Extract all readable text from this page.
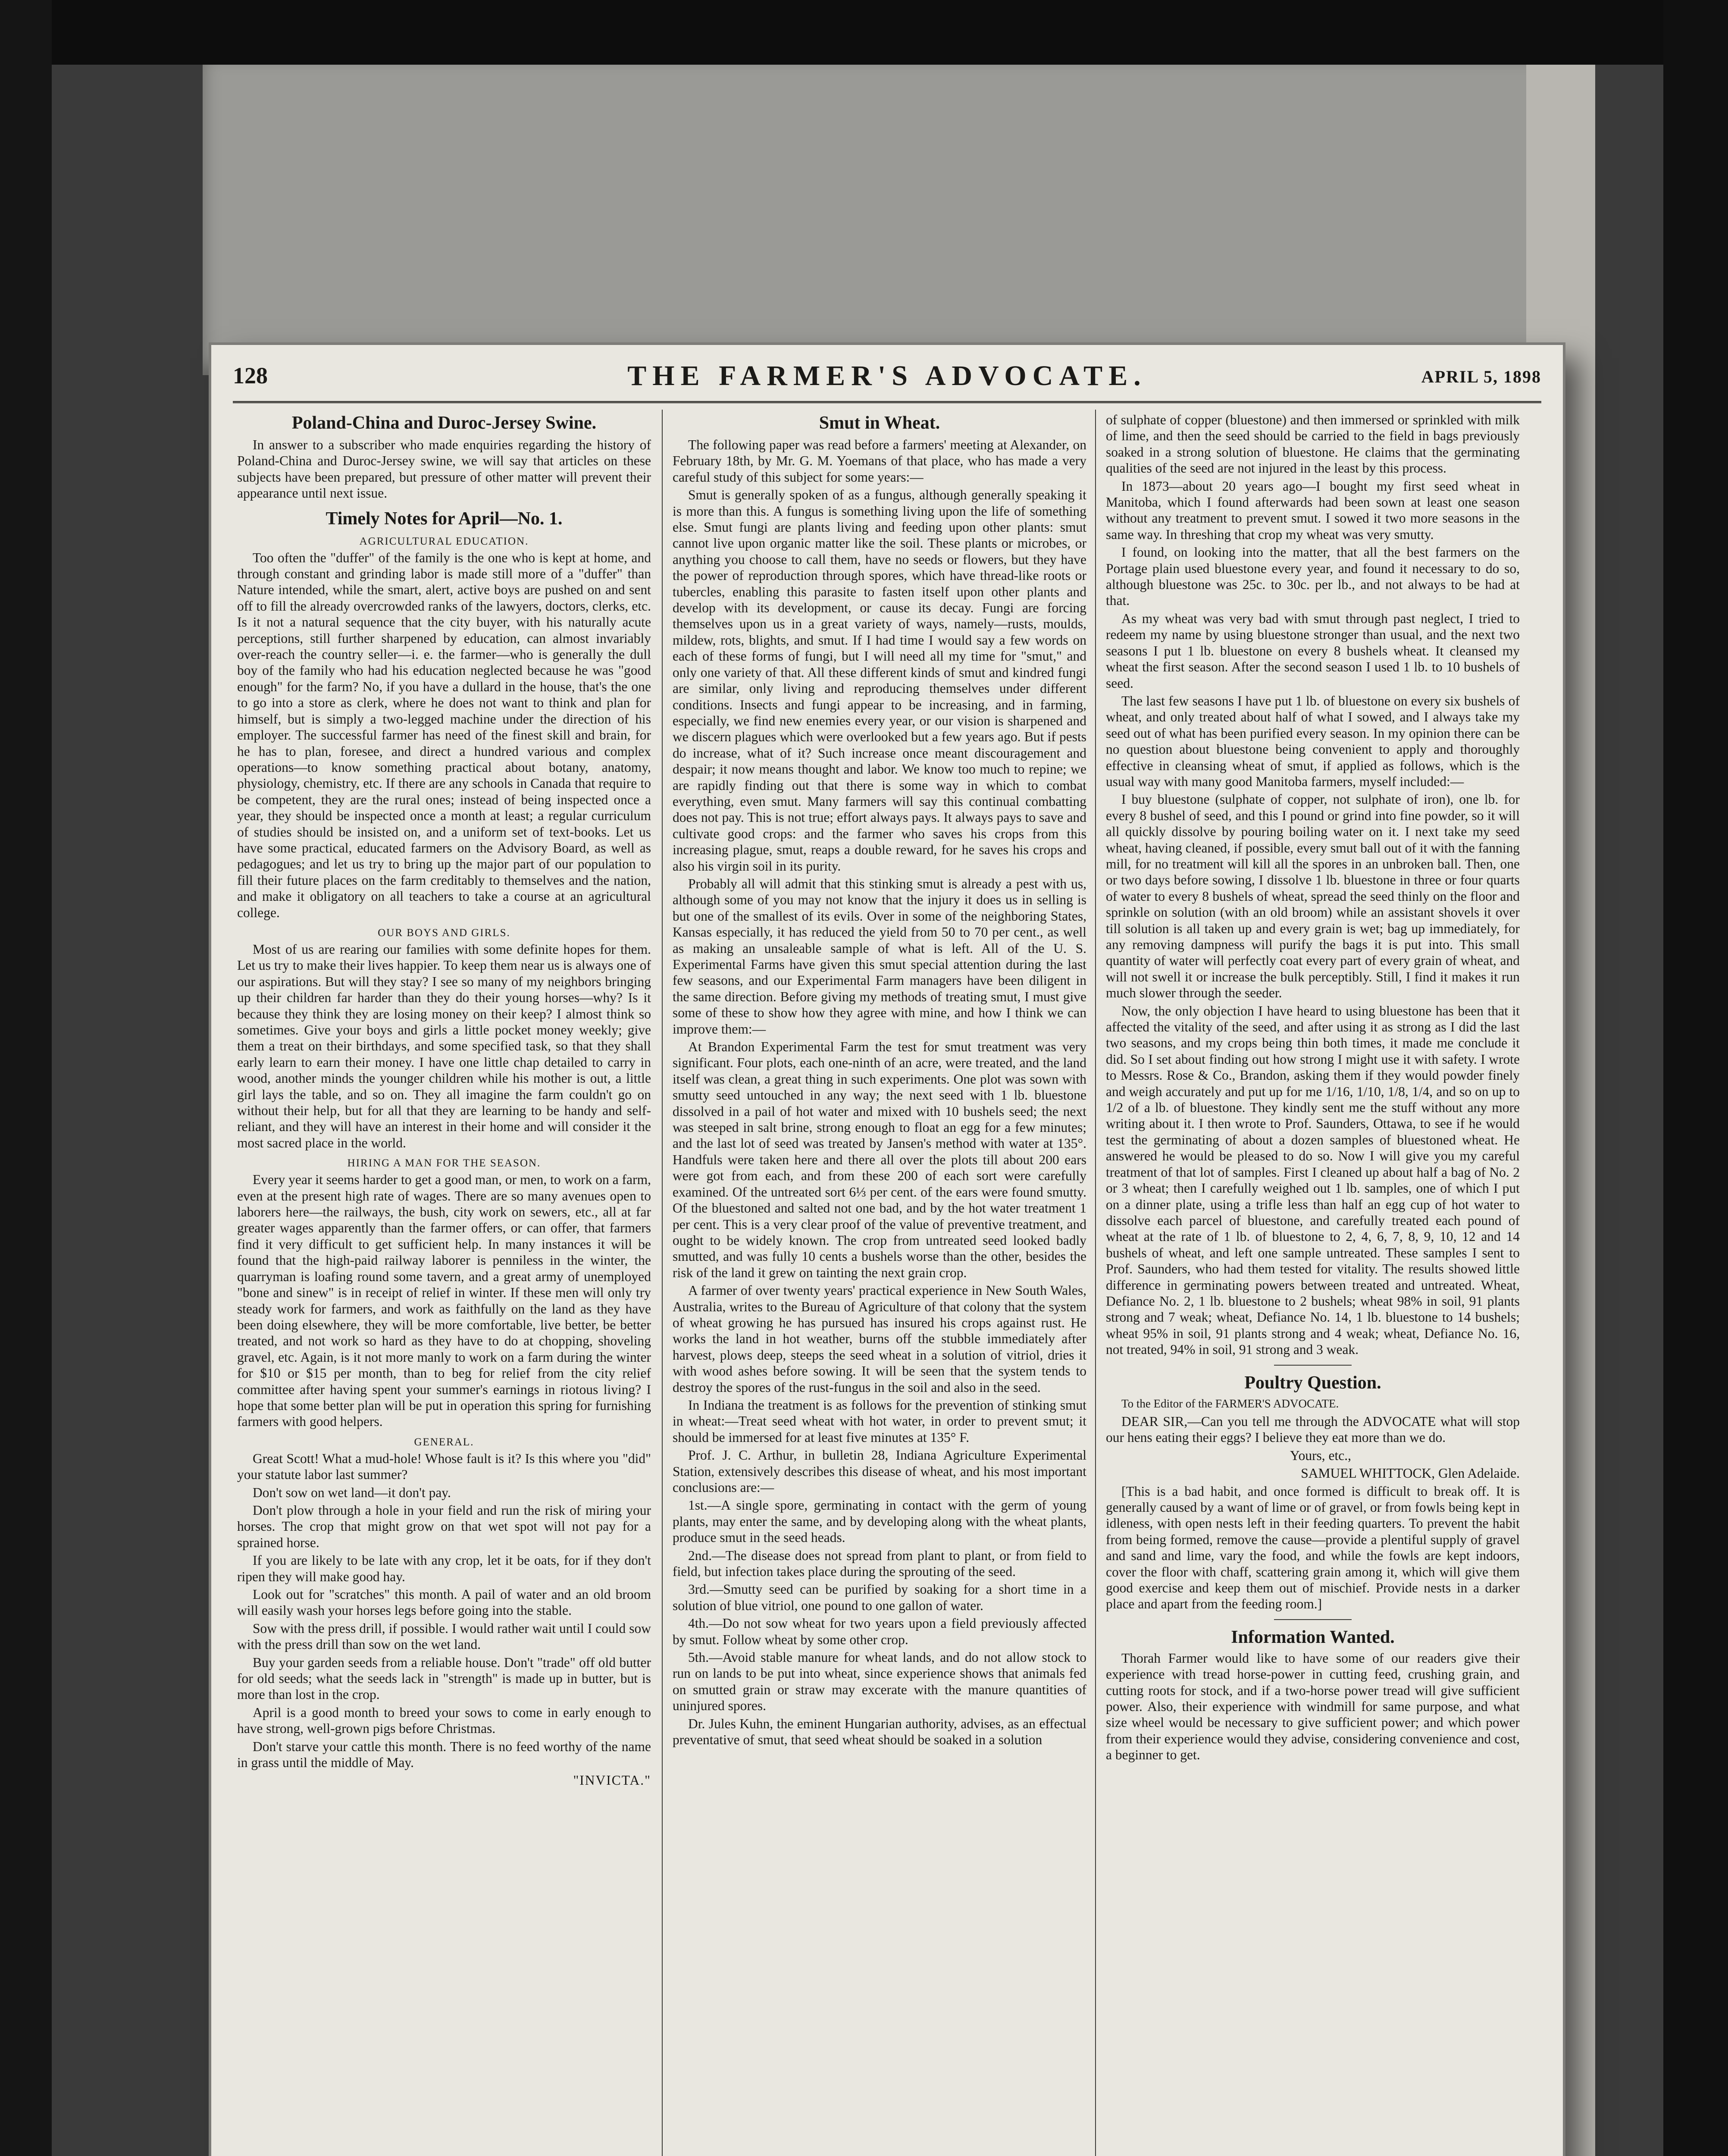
128	THE FARMER'S ADVOCATE.	APRIL 5, 1898
Poland-China and Duroc-Jersey Swine.

In answer to a subscriber who made enquiries regarding the history of Poland-China and Duroc-Jersey swine, we will say that articles on these subjects have been prepared, but pressure of other matter will prevent their appearance until next issue.

Timely Notes for April—No. 1.
AGRICULTURAL EDUCATION.

Too often the "duffer" of the family is the one who is kept at home, and through constant and grinding labor is made still more of a "duffer" than Nature intended, while the smart, alert, active boys are pushed on and sent off to fill the already overcrowded ranks of the lawyers, doctors, clerks, etc. Is it not a natural sequence that the city buyer, with his naturally acute perceptions, still further sharpened by education, can almost invariably over-reach the country seller—i. e. the farmer—who is generally the dull boy of the family who had his education neglected because he was "good enough" for the farm? No, if you have a dullard in the house, that's the one to go into a store as clerk, where he does not want to think and plan for himself, but is simply a two-legged machine under the direction of his employer. The successful farmer has need of the finest skill and brain, for he has to plan, foresee, and direct a hundred various and complex operations—to know something practical about botany, anatomy, physiology, chemistry, etc. If there are any schools in Canada that require to be competent, they are the rural ones; instead of being inspected once a year, they should be inspected once a month at least; a regular curriculum of studies should be insisted on, and a uniform set of text-books. Let us have some practical, educated farmers on the Advisory Board, as well as pedagogues; and let us try to bring up the major part of our population to fill their future places on the farm creditably to themselves and the nation, and make it obligatory on all teachers to take a course at an agricultural college.

OUR BOYS AND GIRLS.

Most of us are rearing our families with some definite hopes for them. Let us try to make their lives happier. To keep them near us is always one of our aspirations. But will they stay? I see so many of my neighbors bringing up their children far harder than they do their young horses—why? Is it because they think they are losing money on their keep? I almost think so sometimes. Give your boys and girls a little pocket money weekly; give them a treat on their birthdays, and some specified task, so that they shall early learn to earn their money. I have one little chap detailed to carry in wood, another minds the younger children while his mother is out, a little girl lays the table, and so on. They all imagine the farm couldn't go on without their help, but for all that they are learning to be handy and self-reliant, and they will have an interest in their home and will consider it the most sacred place in the world.

HIRING A MAN FOR THE SEASON.

Every year it seems harder to get a good man, or men, to work on a farm, even at the present high rate of wages. There are so many avenues open to laborers here—the railways, the bush, city work on sewers, etc., all at far greater wages apparently than the farmer offers, or can offer, that farmers find it very difficult to get sufficient help. In many instances it will be found that the high-paid railway laborer is penniless in the winter, the quarryman is loafing round some tavern, and a great army of unemployed "bone and sinew" is in receipt of relief in winter. If these men will only try steady work for farmers, and work as faithfully on the land as they have been doing elsewhere, they will be more comfortable, live better, be better treated, and not work so hard as they have to do at chopping, shoveling gravel, etc. Again, is it not more manly to work on a farm during the winter for $10 or $15 per month, than to beg for relief from the city relief committee after having spent your summer's earnings in riotous living? I hope that some better plan will be put in operation this spring for furnishing farmers with good helpers.

GENERAL.

Great Scott! What a mud-hole! Whose fault is it? Is this where you "did" your statute labor last summer?

Don't sow on wet land—it don't pay.

Don't plow through a hole in your field and run the risk of miring your horses. The crop that might grow on that wet spot will not pay for a sprained horse.

If you are likely to be late with any crop, let it be oats, for if they don't ripen they will make good hay.

Look out for "scratches" this month. A pail of water and an old broom will easily wash your horses legs before going into the stable.

Sow with the press drill, if possible. I would rather wait until I could sow with the press drill than sow on the wet land.

Buy your garden seeds from a reliable house. Don't "trade" off old butter for old seeds; what the seeds lack in "strength" is made up in butter, but is more than lost in the crop.

April is a good month to breed your sows to come in early enough to have strong, well-grown pigs before Christmas.

Don't starve your cattle this month. There is no feed worthy of the name in grass until the middle of May.

"INVICTA."

Smut in Wheat.

The following paper was read before a farmers' meeting at Alexander, on February 18th, by Mr. G. M. Yoemans of that place, who has made a very careful study of this subject for some years:—

Smut is generally spoken of as a fungus, although generally speaking it is more than this. A fungus is something living upon the life of something else. Smut fungi are plants living and feeding upon other plants: smut cannot live upon organic matter like the soil. These plants or microbes, or anything you choose to call them, have no seeds or flowers, but they have the power of reproduction through spores, which have thread-like roots or tubercles, enabling this parasite to fasten itself upon other plants and develop with its development, or cause its decay. Fungi are forcing themselves upon us in a great variety of ways, namely—rusts, moulds, mildew, rots, blights, and smut. If I had time I would say a few words on each of these forms of fungi, but I will need all my time for "smut," and only one variety of that. All these different kinds of smut and kindred fungi are similar, only living and reproducing themselves under different conditions. Insects and fungi appear to be increasing, and in farming, especially, we find new enemies every year, or our vision is sharpened and we discern plagues which were overlooked but a few years ago. But if pests do increase, what of it? Such increase once meant discouragement and despair; it now means thought and labor. We know too much to repine; we are rapidly finding out that there is some way in which to combat everything, even smut. Many farmers will say this continual combatting does not pay. This is not true; effort always pays. It always pays to save and cultivate good crops: and the farmer who saves his crops from this increasing plague, smut, reaps a double reward, for he saves his crops and also his virgin soil in its purity.

Probably all will admit that this stinking smut is already a pest with us, although some of you may not know that the injury it does us in selling is but one of the smallest of its evils. Over in some of the neighboring States, Kansas especially, it has reduced the yield from 50 to 70 per cent., as well as making an unsaleable sample of what is left. All of the U. S. Experimental Farms have given this smut special attention during the last few seasons, and our Experimental Farm managers have been diligent in the same direction. Before giving my methods of treating smut, I must give some of these to show how they agree with mine, and how I think we can improve them:—

At Brandon Experimental Farm the test for smut treatment was very significant. Four plots, each one-ninth of an acre, were treated, and the land itself was clean, a great thing in such experiments. One plot was sown with smutty seed untouched in any way; the next seed with 1 lb. bluestone dissolved in a pail of hot water and mixed with 10 bushels seed; the next was steeped in salt brine, strong enough to float an egg for a few minutes; and the last lot of seed was treated by Jansen's method with water at 135°. Handfuls were taken here and there all over the plots till about 200 ears were got from each, and from these 200 of each sort were carefully examined. Of the untreated sort 6⅓ per cent. of the ears were found smutty. Of the bluestoned and salted not one bad, and by the hot water treatment 1 per cent. This is a very clear proof of the value of preventive treatment, and ought to be widely known. The crop from untreated seed looked badly smutted, and was fully 10 cents a bushels worse than the other, besides the risk of the land it grew on tainting the next grain crop.

A farmer of over twenty years' practical experience in New South Wales, Australia, writes to the Bureau of Agriculture of that colony that the system of wheat growing he has pursued has insured his crops against rust. He works the land in hot weather, burns off the stubble immediately after harvest, plows deep, steeps the seed wheat in a solution of vitriol, dries it with wood ashes before sowing. It will be seen that the system tends to destroy the spores of the rust-fungus in the soil and also in the seed.

In Indiana the treatment is as follows for the prevention of stinking smut in wheat:—Treat seed wheat with hot water, in order to prevent smut; it should be immersed for at least five minutes at 135° F.

Prof. J. C. Arthur, in bulletin 28, Indiana Agriculture Experimental Station, extensively describes this disease of wheat, and his most important conclusions are:—

1st.—A single spore, germinating in contact with the germ of young plants, may enter the same, and by developing along with the wheat plants, produce smut in the seed heads.

2nd.—The disease does not spread from plant to plant, or from field to field, but infection takes place during the sprouting of the seed.

3rd.—Smutty seed can be purified by soaking for a short time in a solution of blue vitriol, one pound to one gallon of water.

4th.—Do not sow wheat for two years upon a field previously affected by smut. Follow wheat by some other crop.

5th.—Avoid stable manure for wheat lands, and do not allow stock to run on lands to be put into wheat, since experience shows that animals fed on smutted grain or straw may excerate with the manure quantities of uninjured spores.

Dr. Jules Kuhn, the eminent Hungarian authority, advises, as an effectual preventative of smut, that seed wheat should be soaked in a solution

of sulphate of copper (bluestone) and then immersed or sprinkled with milk of lime, and then the seed should be carried to the field in bags previously soaked in a strong solution of bluestone. He claims that the germinating qualities of the seed are not injured in the least by this process.

In 1873—about 20 years ago—I bought my first seed wheat in Manitoba, which I found afterwards had been sown at least one season without any treatment to prevent smut. I sowed it two more seasons in the same way. In threshing that crop my wheat was very smutty.

I found, on looking into the matter, that all the best farmers on the Portage plain used bluestone every year, and found it necessary to do so, although bluestone was 25c. to 30c. per lb., and not always to be had at that.

As my wheat was very bad with smut through past neglect, I tried to redeem my name by using bluestone stronger than usual, and the next two seasons I put 1 lb. bluestone on every 8 bushels wheat. It cleansed my wheat the first season. After the second season I used 1 lb. to 10 bushels of seed.

The last few seasons I have put 1 lb. of bluestone on every six bushels of wheat, and only treated about half of what I sowed, and I always take my seed out of what has been purified every season. In my opinion there can be no question about bluestone being convenient to apply and thoroughly effective in cleansing wheat of smut, if applied as follows, which is the usual way with many good Manitoba farmers, myself included:—

I buy bluestone (sulphate of copper, not sulphate of iron), one lb. for every 8 bushel of seed, and this I pound or grind into fine powder, so it will all quickly dissolve by pouring boiling water on it. I next take my seed wheat, having cleaned, if possible, every smut ball out of it with the fanning mill, for no treatment will kill all the spores in an unbroken ball. Then, one or two days before sowing, I dissolve 1 lb. bluestone in three or four quarts of water to every 8 bushels of wheat, spread the seed thinly on the floor and sprinkle on solution (with an old broom) while an assistant shovels it over till solution is all taken up and every grain is wet; bag up immediately, for any removing dampness will purify the bags it is put into. This small quantity of water will perfectly coat every part of every grain of wheat, and will not swell it or increase the bulk perceptibly. Still, I find it makes it run much slower through the seeder.

Now, the only objection I have heard to using bluestone has been that it affected the vitality of the seed, and after using it as strong as I did the last two seasons, and my crops being thin both times, it made me conclude it did. So I set about finding out how strong I might use it with safety. I wrote to Messrs. Rose & Co., Brandon, asking them if they would powder finely and weigh accurately and put up for me 1/16, 1/10, 1/8, 1/4, and so on up to 1/2 of a lb. of bluestone. They kindly sent me the stuff without any more writing about it. I then wrote to Prof. Saunders, Ottawa, to see if he would test the germinating of about a dozen samples of bluestoned wheat. He answered he would be pleased to do so. Now I will give you my careful treatment of that lot of samples. First I cleaned up about half a bag of No. 2 or 3 wheat; then I carefully weighed out 1 lb. samples, one of which I put on a dinner plate, using a trifle less than half an egg cup of hot water to dissolve each parcel of bluestone, and carefully treated each pound of wheat at the rate of 1 lb. of bluestone to 2, 4, 6, 7, 8, 9, 10, 12 and 14 bushels of wheat, and left one sample untreated. These samples I sent to Prof. Saunders, who had them tested for vitality. The results showed little difference in germinating powers between treated and untreated. Wheat, Defiance No. 2, 1 lb. bluestone to 2 bushels; wheat 98% in soil, 91 plants strong and 7 weak; wheat, Defiance No. 14, 1 lb. bluestone to 14 bushels; wheat 95% in soil, 91 plants strong and 4 weak; wheat, Defiance No. 16, not treated, 94% in soil, 91 strong and 3 weak.

Poultry Question.

To the Editor of the FARMER'S ADVOCATE.

DEAR SIR,—Can you tell me through the ADVOCATE what will stop our hens eating their eggs? I believe they eat more than we do.

Yours, etc.,

SAMUEL WHITTOCK, Glen Adelaide.

[This is a bad habit, and once formed is difficult to break off. It is generally caused by a want of lime or of gravel, or from fowls being kept in idleness, with open nests left in their feeding quarters. To prevent the habit from being formed, remove the cause—provide a plentiful supply of gravel and sand and lime, vary the food, and while the fowls are kept indoors, cover the floor with chaff, scattering grain among it, which will give them good exercise and keep them out of mischief. Provide nests in a darker place and apart from the feeding room.]

Information Wanted.

Thorah Farmer would like to have some of our readers give their experience with tread horse-power in cutting feed, crushing grain, and cutting roots for stock, and if a two-horse power tread will give sufficient power. Also, their experience with windmill for same purpose, and what size wheel would be necessary to give sufficient power; and which power from their experience would they advise, considering convenience and cost, a beginner to get.
